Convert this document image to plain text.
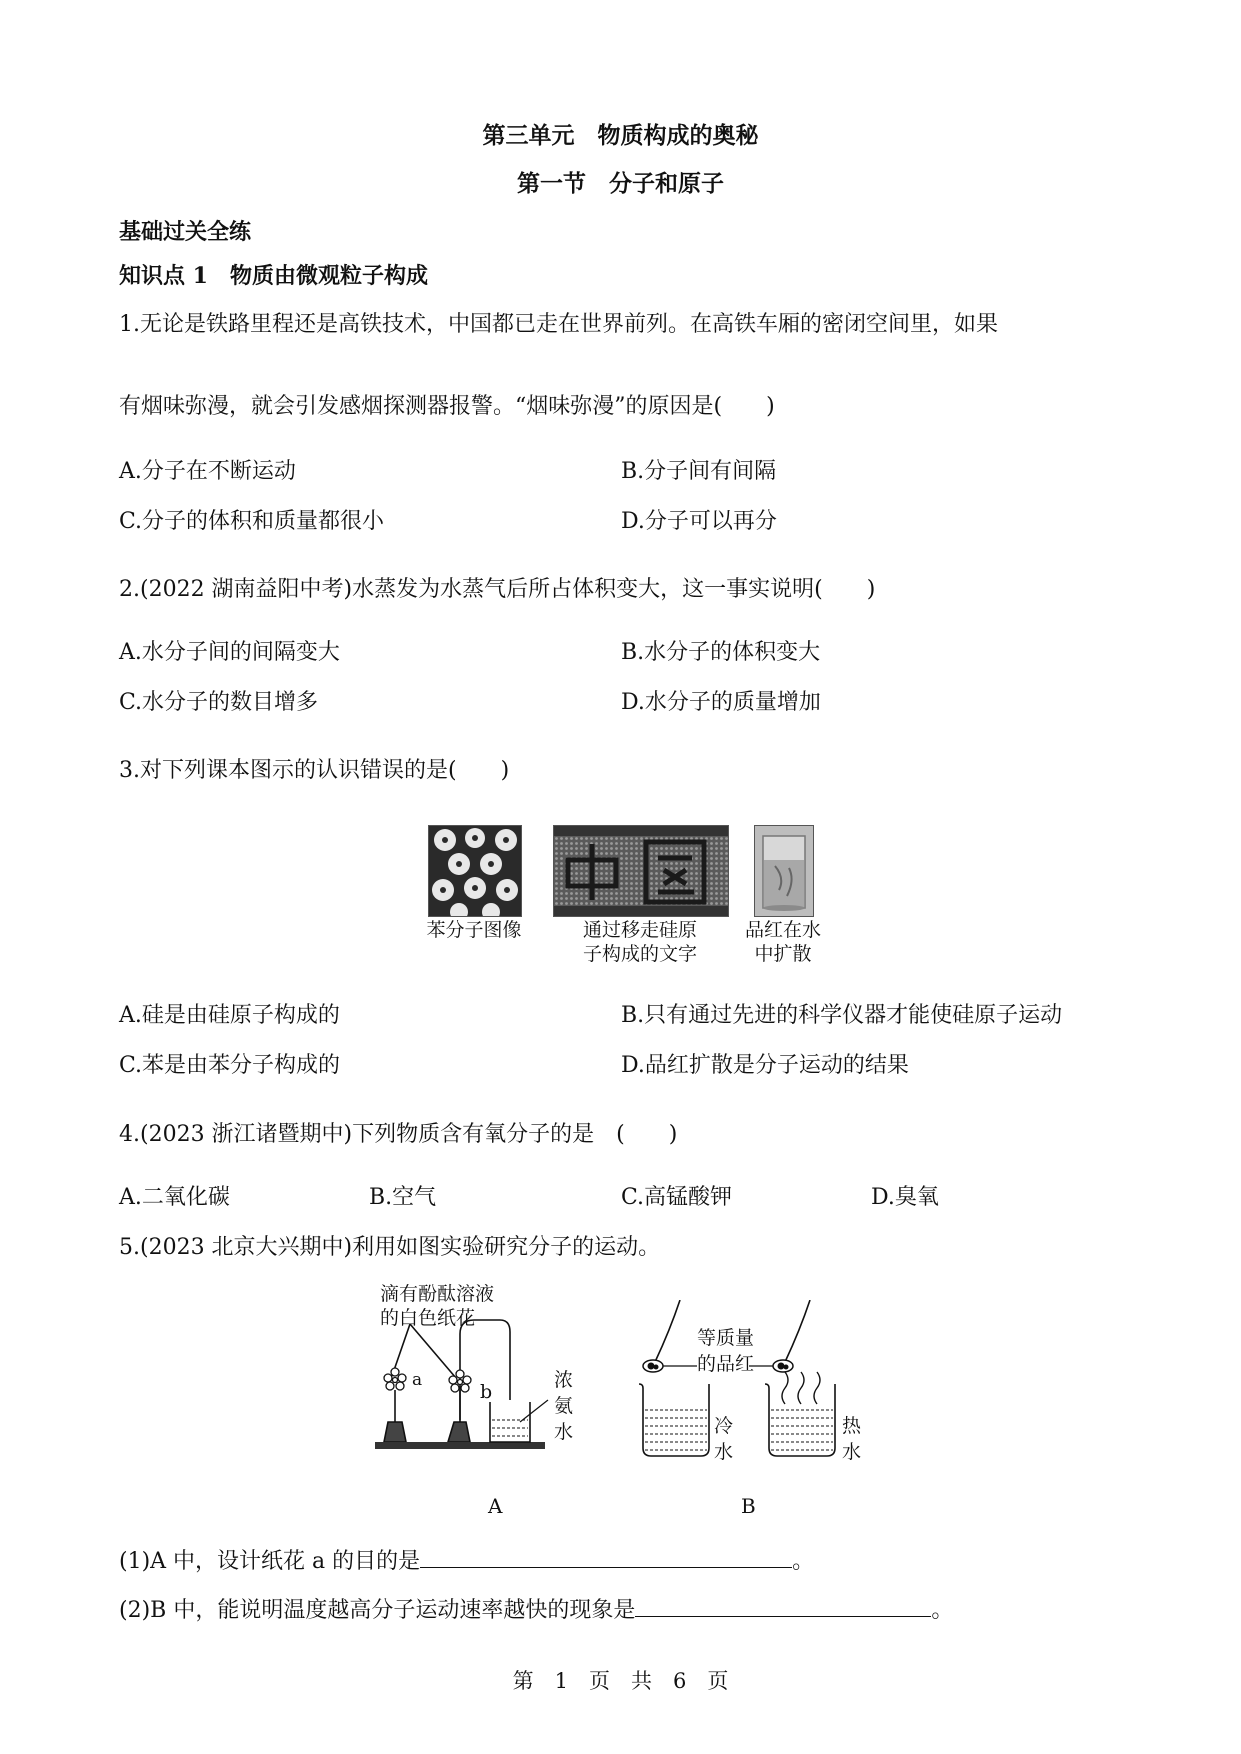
第三单元　物质构成的奥秘
第一节　分子和原子
基础过关全练
知识点 1　物质由微观粒子构成
1.无论是铁路里程还是高铁技术，中国都已走在世界前列。在高铁车厢的密闭空间里，如果
有烟味弥漫，就会引发感烟探测器报警。“烟味弥漫”的原因是(　　)
A.分子在不断运动	B.分子间有间隔
C.分子的体积和质量都很小	D.分子可以再分
2.(2022 湖南益阳中考)水蒸发为水蒸气后所占体积变大，这一事实说明(　　)
A.水分子间的间隔变大	B.水分子的体积变大
C.水分子的数目增多	D.水分子的质量增加
3.对下列课本图示的认识错误的是(　　)
苯分子图像	通过移走硅原
子构成的文字
品红在水
中扩散
A.硅是由硅原子构成的	B.只有通过先进的科学仪器才能使硅原子运动
C.苯是由苯分子构成的	D.品红扩散是分子运动的结果
4.(2023 浙江诸暨期中)下列物质含有氧分子的是　(　　)
A.二氧化碳	B.空气	C.高锰酸钾	D.臭氧
5.(2023 北京大兴期中)利用如图实验研究分子的运动。
滴有酚酞溶液
的白色纸花
a
b
浓
氨
水
A
等质量
的品红
冷
水
热
水
B
(1)A 中，设计纸花 a 的目的是	。
(2)B 中，能说明温度越高分子运动速率越快的现象是	。
第　1　页　共　6　页
